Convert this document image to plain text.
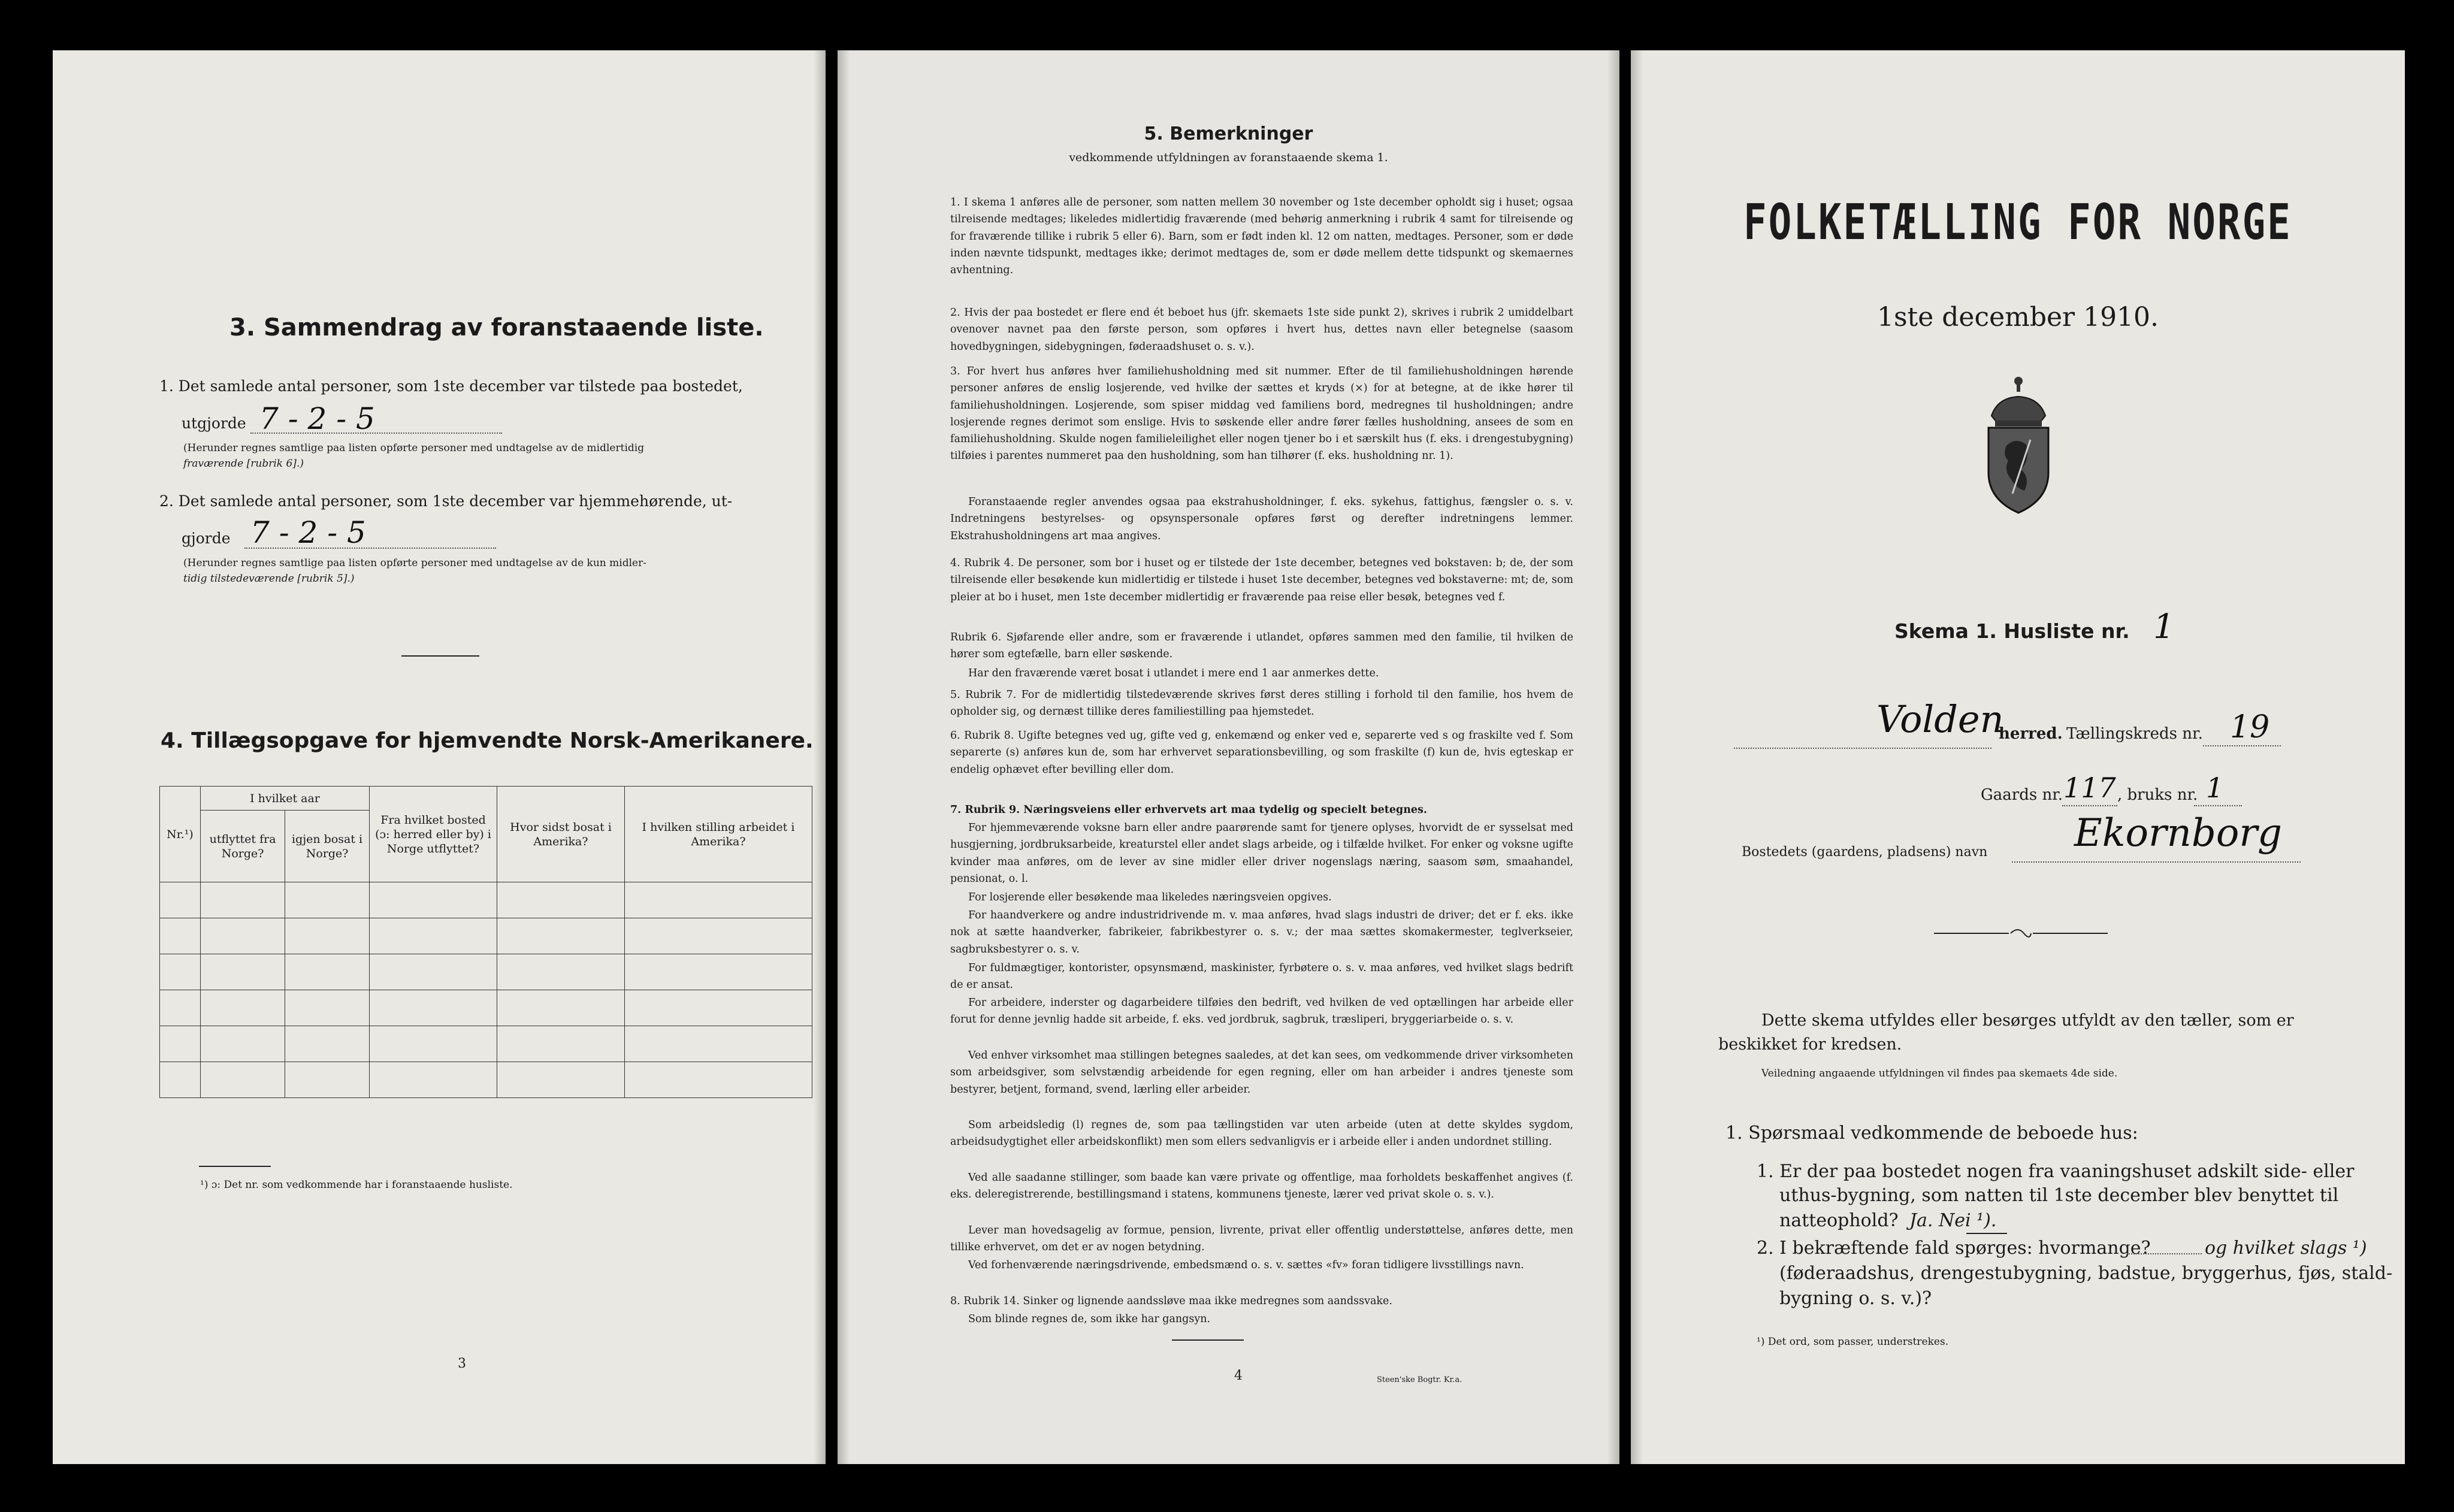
3. Sammendrag av foranstaaende liste.
1. Det samlede antal personer, som 1ste december var tilstede paa bostedet,
utgjorde 7 - 2 - 5
(Herunder regnes samtlige paa listen opførte personer med undtagelse av de midlertidig
fraværende [rubrik 6].)
2. Det samlede antal personer, som 1ste december var hjemmehørende, ut-
gjorde 7 - 2 - 5
(Herunder regnes samtlige paa listen opførte personer med undtagelse av de kun midler-
tidig tilstedeværende [rubrik 5].)
4. Tillægsopgave for hjemvendte Norsk-Amerikanere.
Nr.¹)	I hvilket aar		Fra hvilket bosted (ɔ: herred eller by) i Norge utflyttet?	Hvor sidst bosat i Amerika?	I hvilken stilling arbeidet i Amerika?
	utflyttet fra Norge?	igjen bosat i Norge?			

¹) ɔ: Det nr. som vedkommende har i foranstaaende husliste.
3
5. Bemerkninger
vedkommende utfyldningen av foranstaaende skema 1.
1. I skema 1 anføres alle de personer, som natten mellem 30 november og 1ste december opholdt sig i huset; ogsaa tilreisende medtages; likeledes midlertidig fraværende (med behørig anmerkning i rubrik 4 samt for tilreisende og for fraværende tillike i rubrik 5 eller 6). Barn, som er født inden kl. 12 om natten, medtages. Personer, som er døde inden nævnte tidspunkt, medtages ikke; derimot medtages de, som er døde mellem dette tidspunkt og skemaernes avhentning.
2. Hvis der paa bostedet er flere end ét beboet hus (jfr. skemaets 1ste side punkt 2), skrives i rubrik 2 umiddelbart ovenover navnet paa den første person, som opføres i hvert hus, dettes navn eller betegnelse (saasom hovedbygningen, sidebygningen, føderaadshuset o. s. v.).
3. For hvert hus anføres hver familiehusholdning med sit nummer. Efter de til familiehusholdningen hørende personer anføres de enslig losjerende, ved hvilke der sættes et kryds (×) for at betegne, at de ikke hører til familiehusholdningen. Losjerende, som spiser middag ved familiens bord, medregnes til husholdningen; andre losjerende regnes derimot som enslige. Hvis to søskende eller andre fører fælles husholdning, ansees de som en familiehusholdning. Skulde nogen familieleilighet eller nogen tjener bo i et særskilt hus (f. eks. i drengestubygning) tilføies i parentes nummeret paa den husholdning, som han tilhører (f. eks. husholdning nr. 1).
Foranstaaende regler anvendes ogsaa paa ekstrahusholdninger, f. eks. sykehus, fattighus, fængsler o. s. v. Indretningens bestyrelses- og opsynspersonale opføres først og derefter indretningens lemmer. Ekstrahusholdningens art maa angives.
4. Rubrik 4. De personer, som bor i huset og er tilstede der 1ste december, betegnes ved bokstaven: b; de, der som tilreisende eller besøkende kun midlertidig er tilstede i huset 1ste december, betegnes ved bokstaverne: mt; de, som pleier at bo i huset, men 1ste december midlertidig er fraværende paa reise eller besøk, betegnes ved f.
Rubrik 6. Sjøfarende eller andre, som er fraværende i utlandet, opføres sammen med den familie, til hvilken de hører som egtefælle, barn eller søskende.
Har den fraværende været bosat i utlandet i mere end 1 aar anmerkes dette.
5. Rubrik 7. For de midlertidig tilstedeværende skrives først deres stilling i forhold til den familie, hos hvem de opholder sig, og dernæst tillike deres familiestilling paa hjemstedet.
6. Rubrik 8. Ugifte betegnes ved ug, gifte ved g, enkemænd og enker ved e, separerte ved s og fraskilte ved f. Som separerte (s) anføres kun de, som har erhvervet separationsbevilling, og som fraskilte (f) kun de, hvis egteskap er endelig ophævet efter bevilling eller dom.
7. Rubrik 9. Næringsveiens eller erhvervets art maa tydelig og specielt betegnes.
For hjemmeværende voksne barn eller andre paarørende samt for tjenere oplyses, hvorvidt de er sysselsat med husgjerning, jordbruksarbeide, kreaturstel eller andet slags arbeide, og i tilfælde hvilket. For enker og voksne ugifte kvinder maa anføres, om de lever av sine midler eller driver nogenslags næring, saasom søm, smaahandel, pensionat, o. l.
For losjerende eller besøkende maa likeledes næringsveien opgives.
For haandverkere og andre industridrivende m. v. maa anføres, hvad slags industri de driver; det er f. eks. ikke nok at sætte haandverker, fabrikeier, fabrikbestyrer o. s. v.; der maa sættes skomakermester, teglverkseier, sagbruksbestyrer o. s. v.
For fuldmægtiger, kontorister, opsynsmænd, maskinister, fyrbøtere o. s. v. maa anføres, ved hvilket slags bedrift de er ansat.
For arbeidere, inderster og dagarbeidere tilføies den bedrift, ved hvilken de ved optællingen har arbeide eller forut for denne jevnlig hadde sit arbeide, f. eks. ved jordbruk, sagbruk, træsliperi, bryggeriarbeide o. s. v.
Ved enhver virksomhet maa stillingen betegnes saaledes, at det kan sees, om vedkommende driver virksomheten som arbeidsgiver, som selvstændig arbeidende for egen regning, eller om han arbeider i andres tjeneste som bestyrer, betjent, formand, svend, lærling eller arbeider.
Som arbeidsledig (l) regnes de, som paa tællingstiden var uten arbeide (uten at dette skyldes sygdom, arbeidsudygtighet eller arbeidskonflikt) men som ellers sedvanligvis er i arbeide eller i anden undordnet stilling.
Ved alle saadanne stillinger, som baade kan være private og offentlige, maa forholdets beskaffenhet angives (f. eks. deleregistrerende, bestillingsmand i statens, kommunens tjeneste, lærer ved privat skole o. s. v.).
Lever man hovedsagelig av formue, pension, livrente, privat eller offentlig understøttelse, anføres dette, men tillike erhvervet, om det er av nogen betydning.
Ved forhenværende næringsdrivende, embedsmænd o. s. v. sættes «fv» foran tidligere livsstillings navn.
8. Rubrik 14. Sinker og lignende aandssløve maa ikke medregnes som aandssvake.
Som blinde regnes de, som ikke har gangsyn.
4	Steen'ske Bogtr. Kr.a.
FOLKETÆLLING FOR NORGE
1ste december 1910.
Skema 1. Husliste nr. 1
Volden
herred. Tællingskreds nr. 19
Gaards nr. 117 , bruks nr. 1
Bostedets (gaardens, pladsens) navn Ekornborg
Dette skema utfyldes eller besørges utfyldt av den tæller, som er
beskikket for kredsen.
Veiledning angaaende utfyldningen vil findes paa skemaets 4de side.
1. Spørsmaal vedkommende de beboede hus:
1. Er der paa bostedet nogen fra vaaningshuset adskilt side- eller
uthus-bygning, som natten til 1ste december blev benyttet til
natteophold? Ja. Nei ¹).
2. I bekræftende fald spørges: hvormange?	og hvilket slags ¹)
(føderaadshus, drengestubygning, badstue, bryggerhus, fjøs, stald-
bygning o. s. v.)?
¹) Det ord, som passer, understrekes.
